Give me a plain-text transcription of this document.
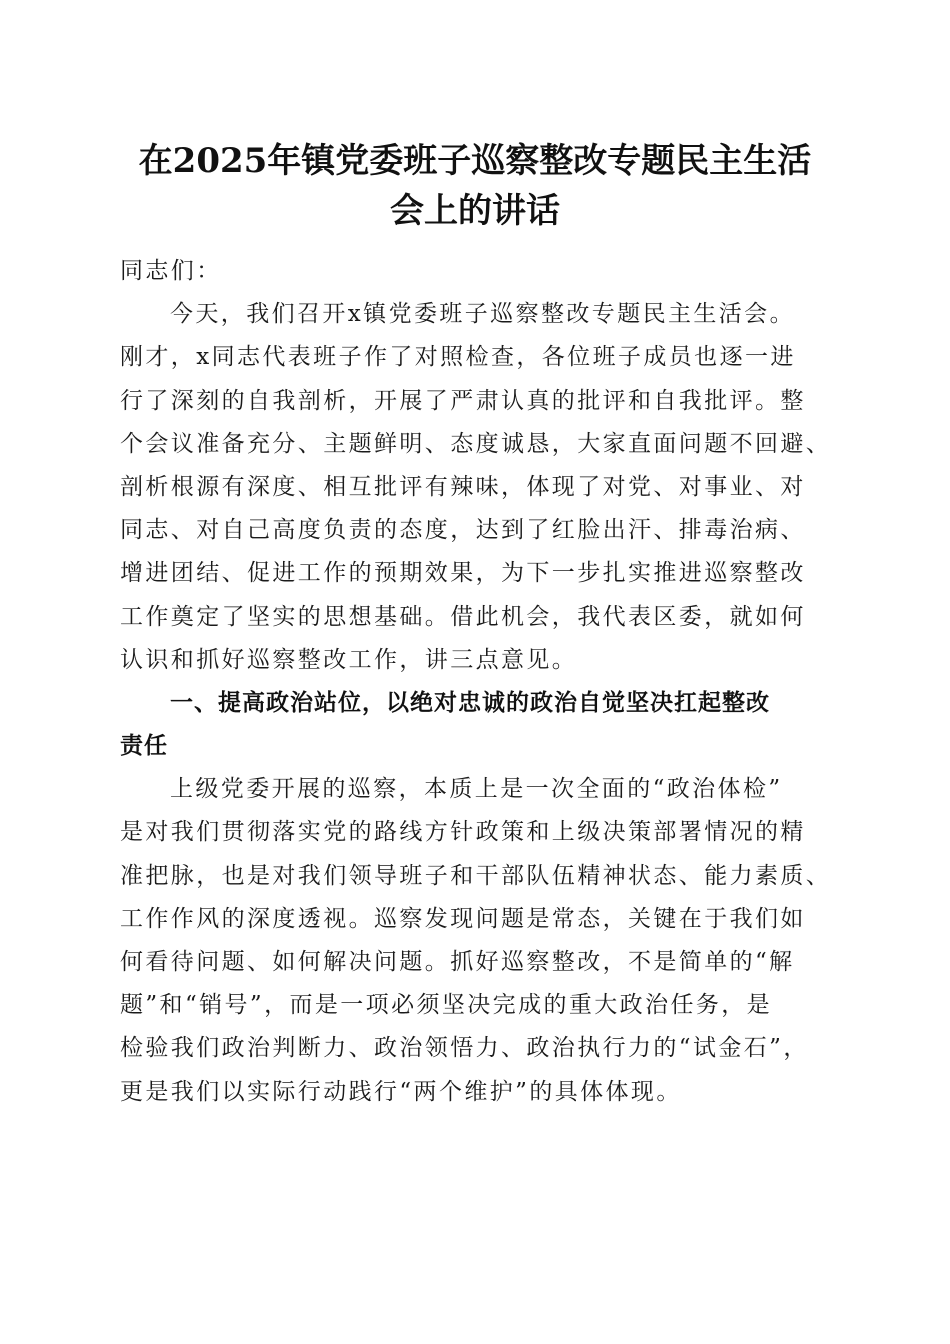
在2025年镇党委班子巡察整改专题民主生活
会上的讲话
同志们：
今天，我们召开x镇党委班子巡察整改专题民主生活会。
刚才，x同志代表班子作了对照检查，各位班子成员也逐一进
行了深刻的自我剖析，开展了严肃认真的批评和自我批评。整
个会议准备充分、主题鲜明、态度诚恳，大家直面问题不回避、
剖析根源有深度、相互批评有辣味，体现了对党、对事业、对
同志、对自己高度负责的态度，达到了红脸出汗、排毒治病、
增进团结、促进工作的预期效果，为下一步扎实推进巡察整改
工作奠定了坚实的思想基础。借此机会，我代表区委，就如何
认识和抓好巡察整改工作，讲三点意见。
一、提高政治站位，以绝对忠诚的政治自觉坚决扛起整改
责任
上级党委开展的巡察，本质上是一次全面的“政治体检”
是对我们贯彻落实党的路线方针政策和上级决策部署情况的精
准把脉，也是对我们领导班子和干部队伍精神状态、能力素质、
工作作风的深度透视。巡察发现问题是常态，关键在于我们如
何看待问题、如何解决问题。抓好巡察整改，不是简单的“解
题”和“销号”，而是一项必须坚决完成的重大政治任务，是
检验我们政治判断力、政治领悟力、政治执行力的“试金石”，
更是我们以实际行动践行“两个维护”的具体体现。
